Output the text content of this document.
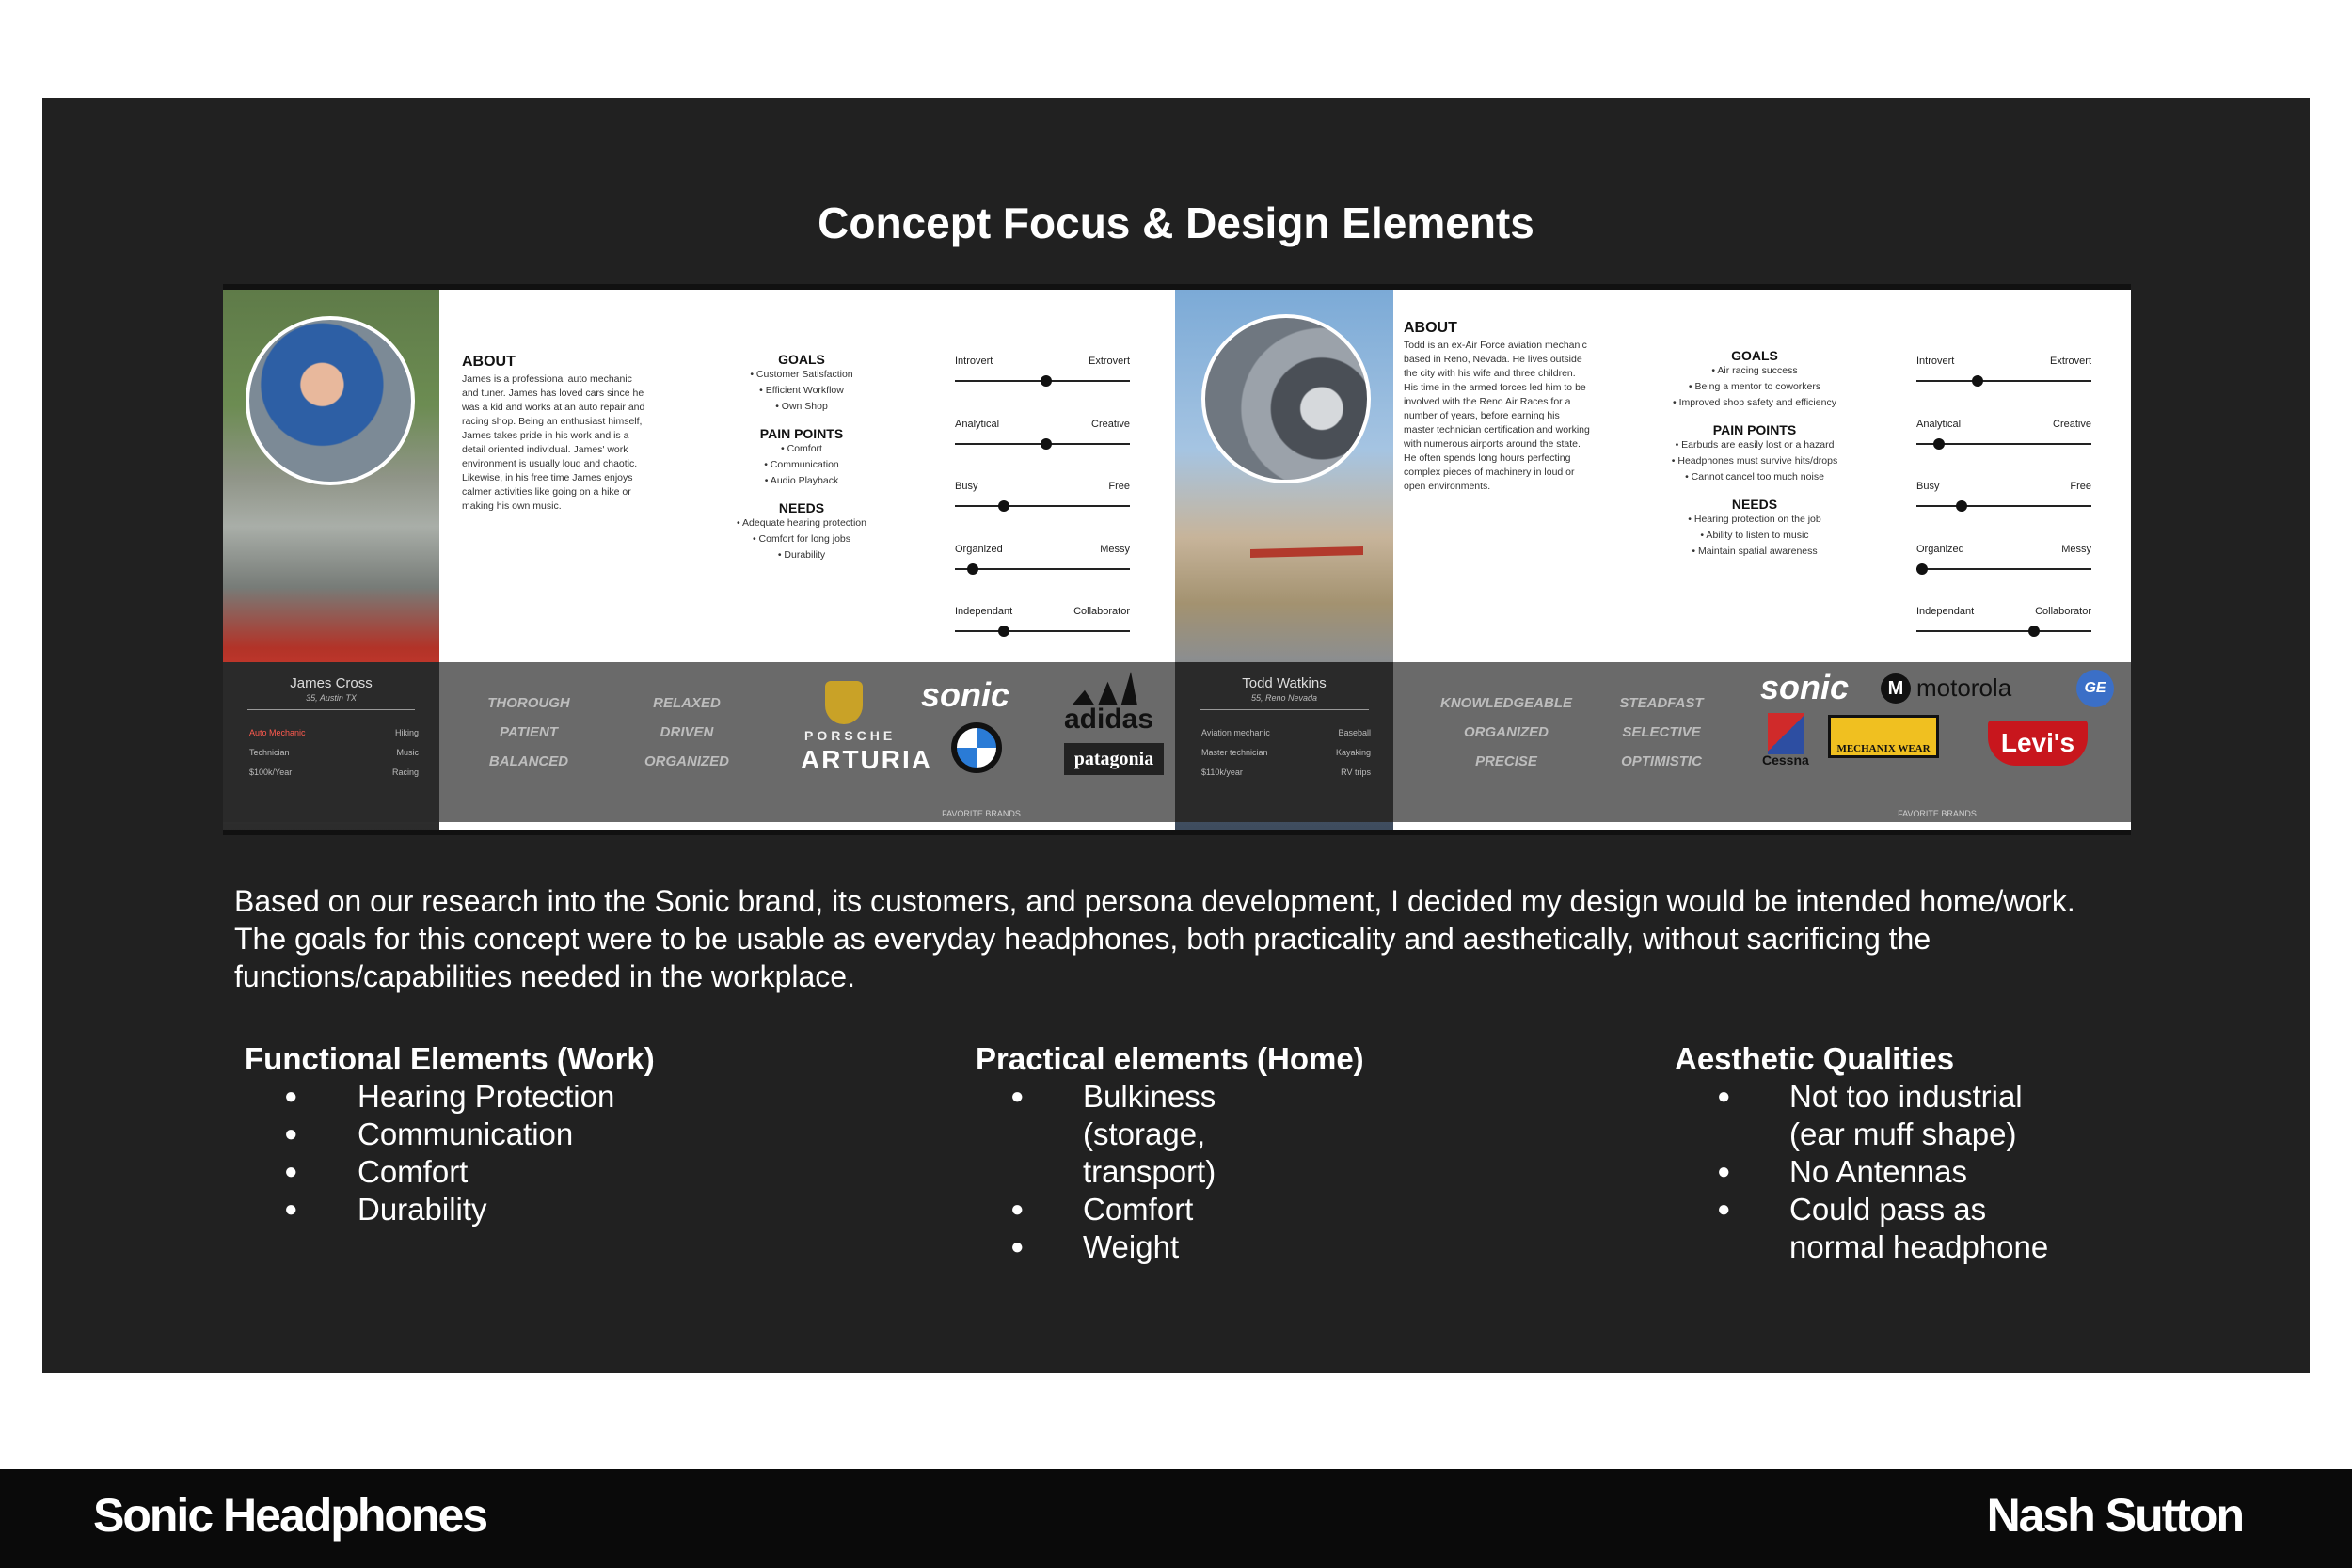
Concept Focus & Design Elements
ABOUT
James is a professional auto mechanic and tuner. James has loved cars since he was a kid and works at an auto repair and racing shop. Being an enthusiast himself, James takes pride in his work and is a detail oriented individual. James' work environment is usually loud and chaotic. Likewise, in his free time James enjoys calmer activities like going on a hike or making his own music.
GOALS
• Customer Satisfaction
• Efficient Workflow
• Own Shop
PAIN POINTS
• Comfort
• Communication
• Audio Playback
NEEDS
• Adequate hearing protection
• Comfort for long jobs
• Durability
Introvert	Extrovert
Analytical	Creative
Busy	Free
Organized	Messy
Independant	Collaborator
James Cross
35, Austin TX
Auto Mechanic	Hiking
Technician	Music
$100k/Year	Racing
THOROUGH
PATIENT
BALANCED
RELAXED
DRIVEN
ORGANIZED
PORSCHE
ARTURIA
sonic
adidas
patagonia
FAVORITE BRANDS
ABOUT
Todd is an ex-Air Force aviation mechanic based in Reno, Nevada. He lives outside the city with his wife and three children. His time in the armed forces led him to be involved with the Reno Air Races for a number of years, before earning his master technician certification and working with numerous airports around the state. He often spends long hours perfecting complex pieces of machinery in loud or open environments.
GOALS
• Air racing success
• Being a mentor to coworkers
• Improved shop safety and efficiency
PAIN POINTS
• Earbuds are easily lost or a hazard
• Headphones must survive hits/drops
• Cannot cancel too much noise
NEEDS
• Hearing protection on the job
• Ability to listen to music
• Maintain spatial awareness
Introvert	Extrovert
Analytical	Creative
Busy	Free
Organized	Messy
Independant	Collaborator
Todd Watkins
55, Reno Nevada
Aviation mechanic	Baseball
Master technician	Kayaking
$110k/year	RV trips
KNOWLEDGEABLE
ORGANIZED
PRECISE
STEADFAST
SELECTIVE
OPTIMISTIC
sonic	M motorola	GE
Cessna
MECHANIX WEAR	Levi's
FAVORITE BRANDS
Based on our research into the Sonic brand, its customers, and persona development, I decided my design would be intended home/work. The goals for this concept were to be usable as everyday headphones, both practicality and aesthetically, without sacrificing the functions/capabilities needed in the workplace.
Functional Elements (Work)
● Hearing Protection
● Communication
● Comfort
● Durability
Practical elements (Home)
● Bulkiness (storage, transport)
● Comfort
● Weight
Aesthetic Qualities
● Not too industrial (ear muff shape)
● No Antennas
● Could pass as normal headphone
Sonic Headphones	Nash Sutton
